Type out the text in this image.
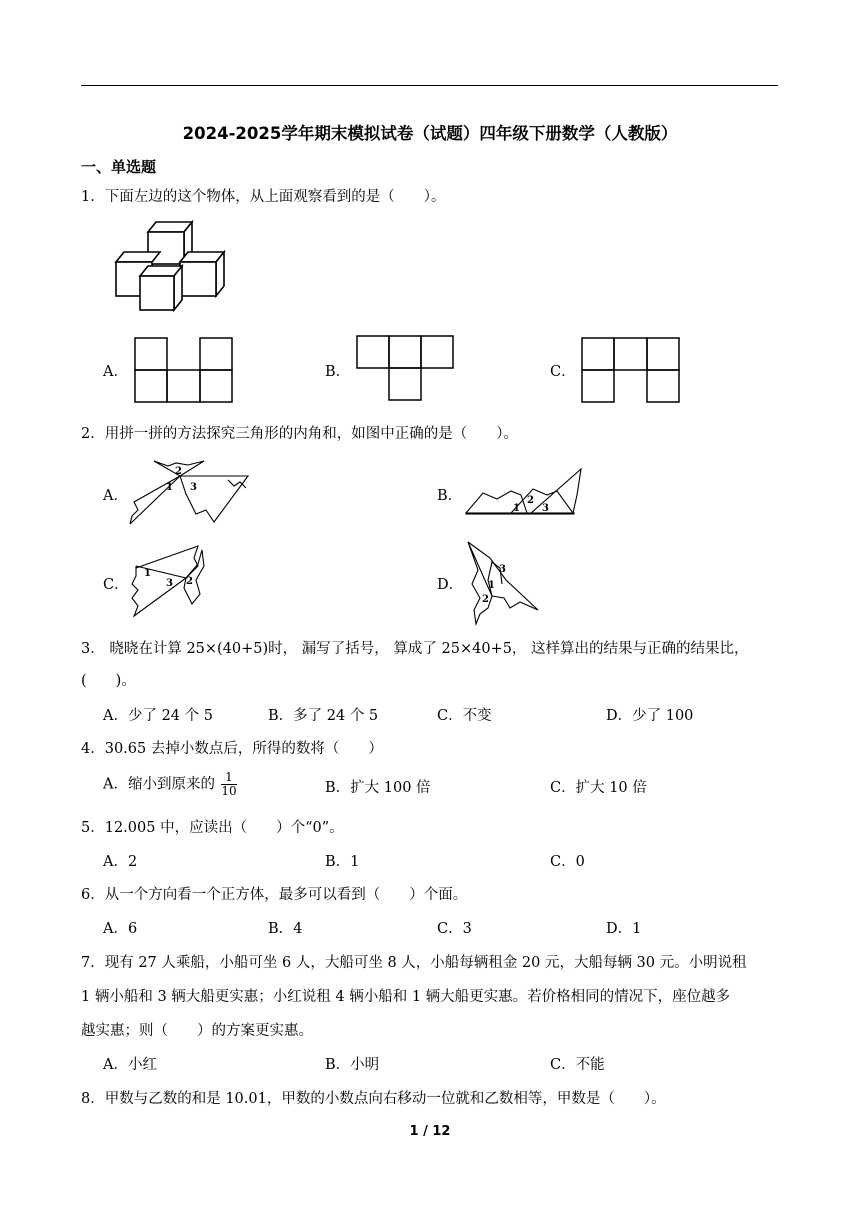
2024-2025学年期末模拟试卷（试题）四年级下册数学（人教版）
一、单选题
1．下面左边的这个物体，从上面观察看到的是（　　）。
A．	B．	C．
2．用拼一拼的方法探究三角形的内角和，如图中正确的是（　　）。
A．
2
1 3
B．	2
1 3
C．
1
3 2	D．
3
1
2
3． 晓晓在计算 25×(40+5)时， 漏写了括号， 算成了 25×40+5， 这样算出的结果与正确的结果比，
(　　)。
A．少了 24 个 5	B．多了 24 个 5	C．不变	D．少了 100
4．30.65 去掉小数点后，所得的数将（　　）
A．缩小到原来的 $\frac{1}{10}$	B．扩大 100 倍	C．扩大 10 倍
5．12.005 中，应读出（　　）个“0”。
A．2	B．1	C．0
6．从一个方向看一个正方体，最多可以看到（　　）个面。
A．6	B．4	C．3	D．1
7．现有 27 人乘船，小船可坐 6 人，大船可坐 8 人，小船每辆租金 20 元，大船每辆 30 元。小明说租
1 辆小船和 3 辆大船更实惠；小红说租 4 辆小船和 1 辆大船更实惠。若价格相同的情况下，座位越多
越实惠；则（　　）的方案更实惠。
A．小红	B．小明	C．不能
8．甲数与乙数的和是 10.01，甲数的小数点向右移动一位就和乙数相等，甲数是（　　）。
1 / 12
